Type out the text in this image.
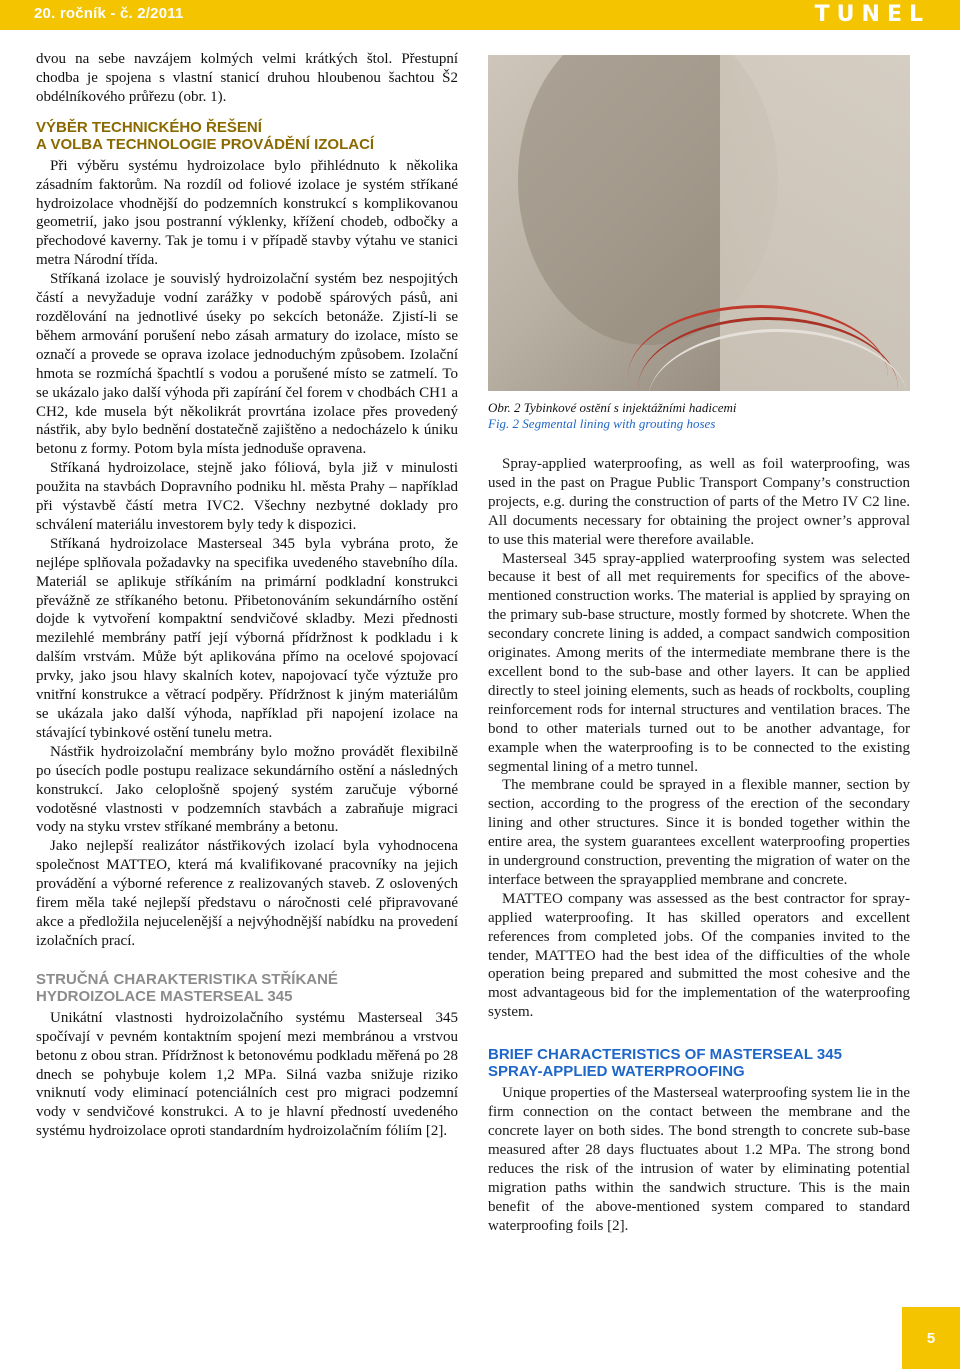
20. ročník - č. 2/2011	TUNEL

dvou na sebe navzájem kolmých velmi krátkých štol. Přestupní chodba je spojena s vlastní stanicí druhou hloubenou šachtou Š2 obdélníkového průřezu (obr. 1).

VÝBĚR TECHNICKÉHO ŘEŠENÍ
A VOLBA TECHNOLOGIE PROVÁDĚNÍ IZOLACÍ

Při výběru systému hydroizolace bylo přihlédnuto k několika zásadním faktorům. Na rozdíl od foliové izolace je systém stříkané hydroizolace vhodnější do podzemních konstrukcí s komplikovanou geometrií, jako jsou postranní výklenky, křížení chodeb, odbočky a přechodové kaverny. Tak je tomu i v případě stavby výtahu ve stanici metra Národní třída.

Stříkaná izolace je souvislý hydroizolační systém bez nespojitých částí a nevyžaduje vodní zarážky v podobě spárových pásů, ani rozdělování na jednotlivé úseky po sekcích betonáže. Zjistí-li se během armování porušení nebo zásah armatury do izolace, místo se označí a provede se oprava izolace jednoduchým způsobem. Izolační hmota se rozmíchá špachtlí s vodou a porušené místo se zatmelí. To se ukázalo jako další výhoda při zapírání čel forem v chodbách CH1 a CH2, kde musela být několikrát provrtána izolace přes provedený nástřik, aby bylo bednění dostatečně zajištěno a nedocházelo k úniku betonu z formy. Potom byla místa jednoduše opravena.

Stříkaná hydroizolace, stejně jako fóliová, byla již v minulosti použita na stavbách Dopravního podniku hl. města Prahy – například při výstavbě částí metra IVC2. Všechny nezbytné doklady pro schválení materiálu investorem byly tedy k dispozici.

Stříkaná hydroizolace Masterseal 345 byla vybrána proto, že nejlépe splňovala požadavky na specifika uvedeného stavebního díla. Materiál se aplikuje stříkáním na primární podkladní konstrukci převážně ze stříkaného betonu. Přibetonováním sekundárního ostění dojde k vytvoření kompaktní sendvičové skladby. Mezi přednosti mezilehlé membrány patří její výborná přídržnost k podkladu i k dalším vrstvám. Může být aplikována přímo na ocelové spojovací prvky, jako jsou hlavy skalních kotev, napojovací tyče výztuže pro vnitřní konstrukce a větrací podpěry. Přídržnost k jiným materiálům se ukázala jako další výhoda, například při napojení izolace na stávající tybinkové ostění tunelu metra.

Nástřik hydroizolační membrány bylo možno provádět flexibilně po úsecích podle postupu realizace sekundárního ostění a následných konstrukcí. Jako celoplošně spojený systém zaručuje výborné vodotěsné vlastnosti v podzemních stavbách a zabraňuje migraci vody na styku vrstev stříkané membrány a betonu.

Jako nejlepší realizátor nástřikových izolací byla vyhodnocena společnost MATTEO, která má kvalifikované pracovníky na jejich provádění a výborné reference z realizovaných staveb. Z oslovených firem měla také nejlepší představu o náročnosti celé připravované akce a předložila nejucelenější a nejvýhodnější nabídku na provedení izolačních prací.

STRUČNÁ CHARAKTERISTIKA STŘÍKANÉ
HYDROIZOLACE MASTERSEAL 345

Unikátní vlastnosti hydroizolačního systému Masterseal 345 spočívají v pevném kontaktním spojení mezi membránou a vrstvou betonu z obou stran. Přídržnost k betonovému podkladu měřená po 28 dnech se pohybuje kolem 1,2 MPa. Silná vazba snižuje riziko vniknutí vody eliminací potenciálních cest pro migraci podzemní vody v sendvičové konstrukci. A to je hlavní předností uvedeného systému hydroizolace oproti standardním hydroizolačním fóliím [2].

Obr. 2 Tybinkové ostění s injektážními hadicemi
Fig. 2 Segmental lining with grouting hoses

Spray-applied waterproofing, as well as foil waterproofing, was used in the past on Prague Public Transport Company’s construction projects, e.g. during the construction of parts of the Metro IV C2 line. All documents necessary for obtaining the project owner’s approval to use this material were therefore available.

Masterseal 345 spray-applied waterproofing system was selected because it best of all met requirements for specifics of the above-mentioned construction works. The material is applied by spraying on the primary sub-base structure, mostly formed by shotcrete. When the secondary concrete lining is added, a compact sandwich composition originates. Among merits of the intermediate membrane there is the excellent bond to the sub-base and other layers. It can be applied directly to steel joining elements, such as heads of rockbolts, coupling reinforcement rods for internal structures and ventilation braces. The bond to other materials turned out to be another advantage, for example when the waterproofing is to be connected to the existing segmental lining of a metro tunnel.

The membrane could be sprayed in a flexible manner, section by section, according to the progress of the erection of the secondary lining and other structures. Since it is bonded together within the entire area, the system guarantees excellent waterproofing properties in underground construction, preventing the migration of water on the interface between the sprayapplied membrane and concrete.

MATTEO company was assessed as the best contractor for spray-applied waterproofing. It has skilled operators and excellent references from completed jobs. Of the companies invited to the tender, MATTEO had the best idea of the difficulties of the whole operation being prepared and submitted the most cohesive and the most advantageous bid for the implementation of the waterproofing system.

BRIEF CHARACTERISTICS OF MASTERSEAL 345
SPRAY-APPLIED WATERPROOFING

Unique properties of the Masterseal waterproofing system lie in the firm connection on the contact between the membrane and the concrete layer on both sides. The bond strength to concrete sub-base measured after 28 days fluctuates about 1.2 MPa. The strong bond reduces the risk of the intrusion of water by eliminating potential migration paths within the sandwich structure. This is the main benefit of the above-mentioned system compared to standard waterproofing foils [2].

5
